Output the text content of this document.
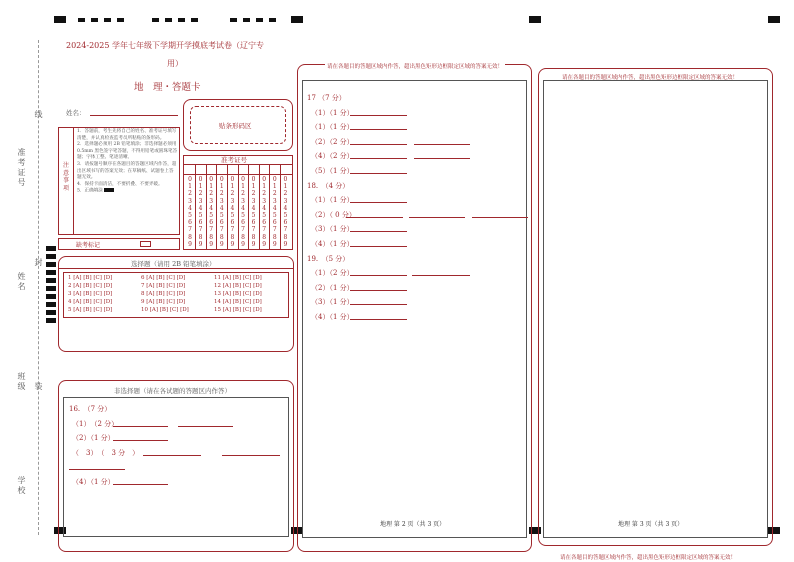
准考证号
线
封
姓名
装
班级
学校
2024-2025 学年七年级下学期开学摸底考试卷（辽宁专
用）
地　理・答题卡
姓名：
贴条形码区
注意事项
1．答题前，考生先将自己的姓名、准考证号填写清楚，并认真检查监考员所粘贴的条形码。
2．选择题必须用 2B 铅笔填涂；非选择题必须用 0.5mm 黑色签字笔答题，不得用铅笔或圆珠笔答题；字体工整、笔迹清晰。
3．请按题号顺序在各题目的答题区域内作答，超出区域书写的答案无效；在草稿纸、试题卷上答题无效。
4．保持卡面清洁，不要折叠、不要弄破。
5．正确填涂
缺考标记
准考证号
0
1
2
3
4
5
6
7
8
9
0
1
2
3
4
5
6
7
8
9
0
1
2
3
4
5
6
7
8
9
0
1
2
3
4
5
6
7
8
9
0
1
2
3
4
5
6
7
8
9
0
1
2
3
4
5
6
7
8
9
0
1
2
3
4
5
6
7
8
9
0
1
2
3
4
5
6
7
8
9
0
1
2
3
4
5
6
7
8
9
0
1
2
3
4
5
6
7
8
9
选择题（请用 2B 铅笔填涂）
1 [A] [B] [C] [D]
2 [A] [B] [C] [D]
3 [A] [B] [C] [D]
4 [A] [B] [C] [D]
5 [A] [B] [C] [D]
6 [A] [B] [C] [D]
7 [A] [B] [C] [D]
8 [A] [B] [C] [D]
9 [A] [B] [C] [D]
10 [A] [B] [C] [D]
11 [A] [B] [C] [D]
12 [A] [B] [C] [D]
13 [A] [B] [C] [D]
14 [A] [B] [C] [D]
15 [A] [B] [C] [D]
非选择题（请在各试题的答题区内作答）
16.　（7 分）
（1）　（2 分）
（2）（1 分）
（　3）　（　3 分　）
（4）（1 分）
请在各题目的答题区域内作答，超出黑色矩形边框限定区域的答案无效！
17 （7 分）
（1）（1 分）
（1）（1 分）
（2）（2 分）
（4）（2 分）
（5）（1 分）
18.　（4 分）
（1）（1 分）
（2）（ 0 分）
（3）（1 分）
（4）（1 分）
19.　（5 分）
（1）（2 分）
（2）（1 分）
（3）（1 分）
（4）（1 分）
地理 第 2 页（共 3 页）
请在各题目的答题区域内作答，超出黑色矩形边框限定区域的答案无效！
地理 第 3 页（共 3 页）
请在各题目的答题区域内作答，超出黑色矩形边框限定区域的答案无效！
